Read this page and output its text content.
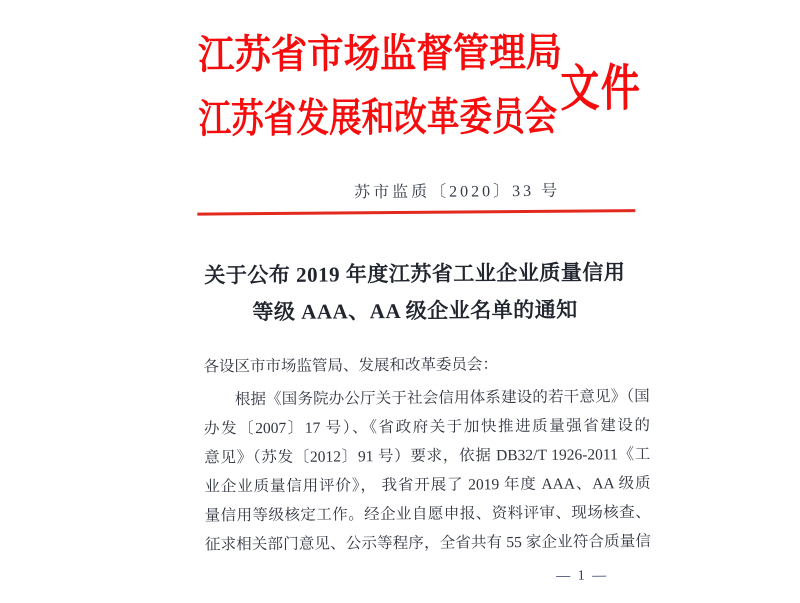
江苏省市场监督管理局
江苏省发展和改革委员会
文件
苏市监质〔2020〕33 号
关于公布 2019 年度江苏省工业企业质量信用
等级 AAA、AA 级企业名单的通知
各设区市市场监管局、发展和改革委员会：
根据《国务院办公厅关于社会信用体系建设的若干意见》（国
办发〔2007〕17 号）、《省政府关于加快推进质量强省建设的
意见》（苏发〔2012〕91 号）要求，依据 DB32/T 1926-2011《工
业企业质量信用评价》， 我省开展了 2019 年度 AAA、AA 级质
量信用等级核定工作。经企业自愿申报、资料评审、现场核查、
征求相关部门意见、公示等程序，全省共有 55 家企业符合质量信
— 1 —
